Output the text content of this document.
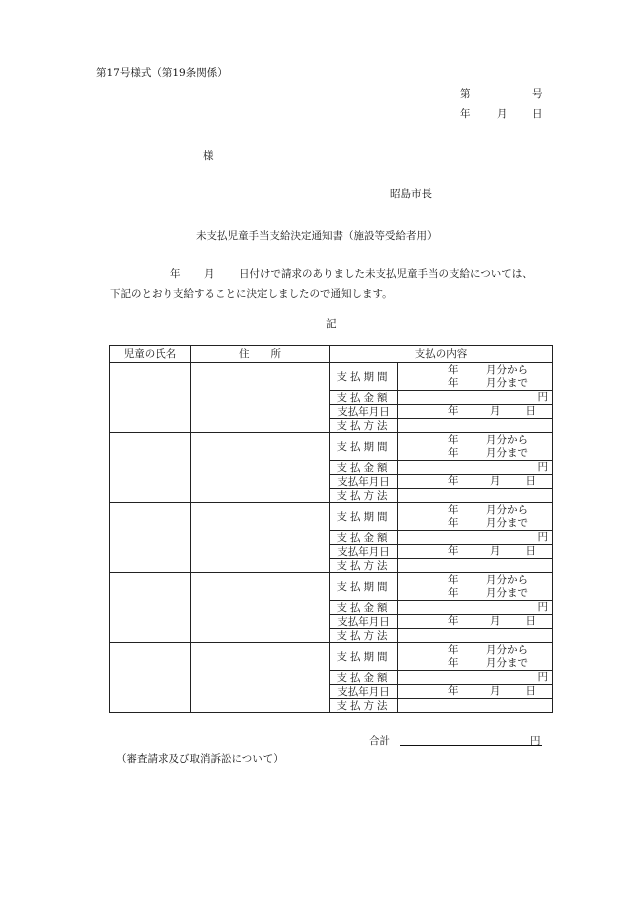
第17号様式（第19条関係）
第	号
年	月 日
様
昭島市長
未支払児童手当支給決定通知書（施設等受給者用）
年 月 日付けで請求のありました未支払児童手当の支給については、
下記のとおり支給することに決定しましたので通知します。
記
児童の氏名	住　　所	支払の内容	
		支払期間	年 月分から
年 月分まで

		支払金額	円

		支払年月日	年 月 日

		支払方法	
		支払期間	年 月分から
年 月分まで

		支払金額	円

		支払年月日	年 月 日

		支払方法	
		支払期間	年 月分から
年 月分まで

		支払金額	円

		支払年月日	年 月 日

		支払方法	
		支払期間	年 月分から
年 月分まで

		支払金額	円

		支払年月日	年 月 日

		支払方法	
		支払期間	年 月分から
年 月分まで

		支払金額	円

		支払年月日	年 月 日

		支払方法	
合計	円
（審査請求及び取消訴訟について）
